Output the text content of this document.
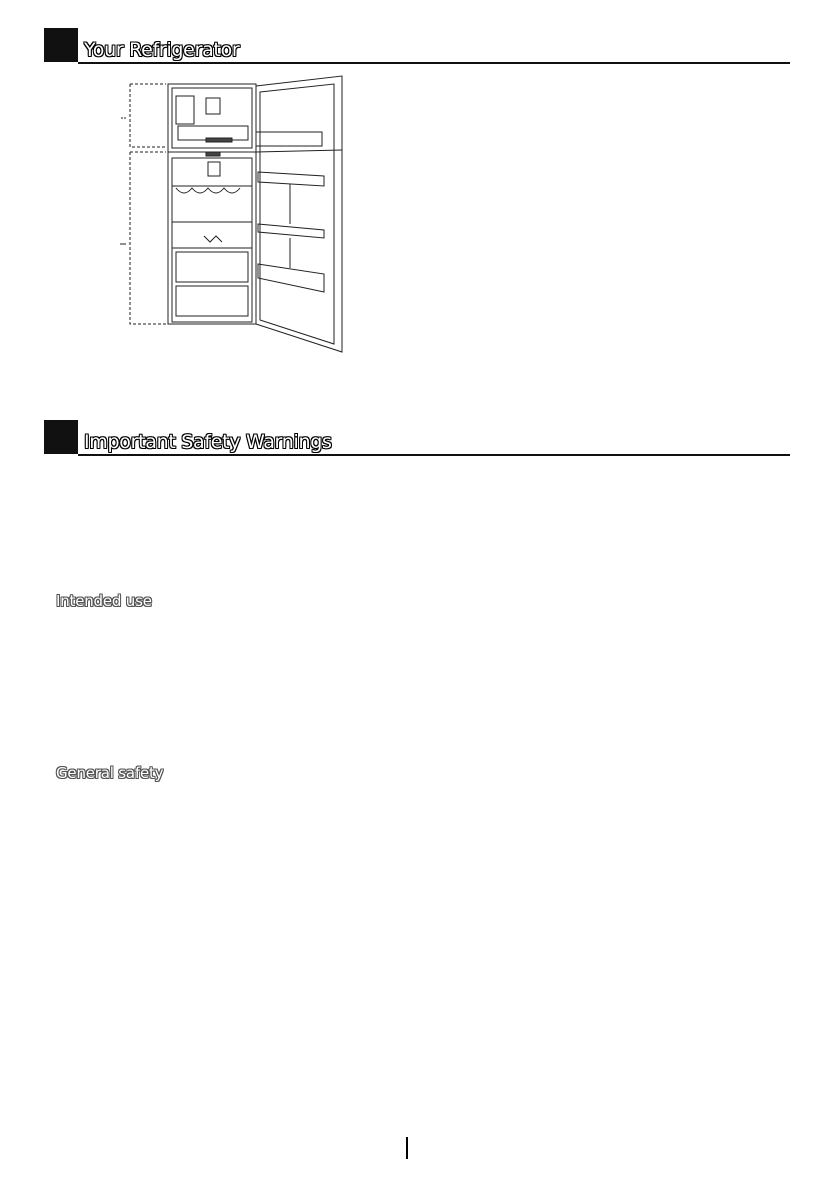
Your Refrigerator
Important Safety Warnings
Intended use
General safety
